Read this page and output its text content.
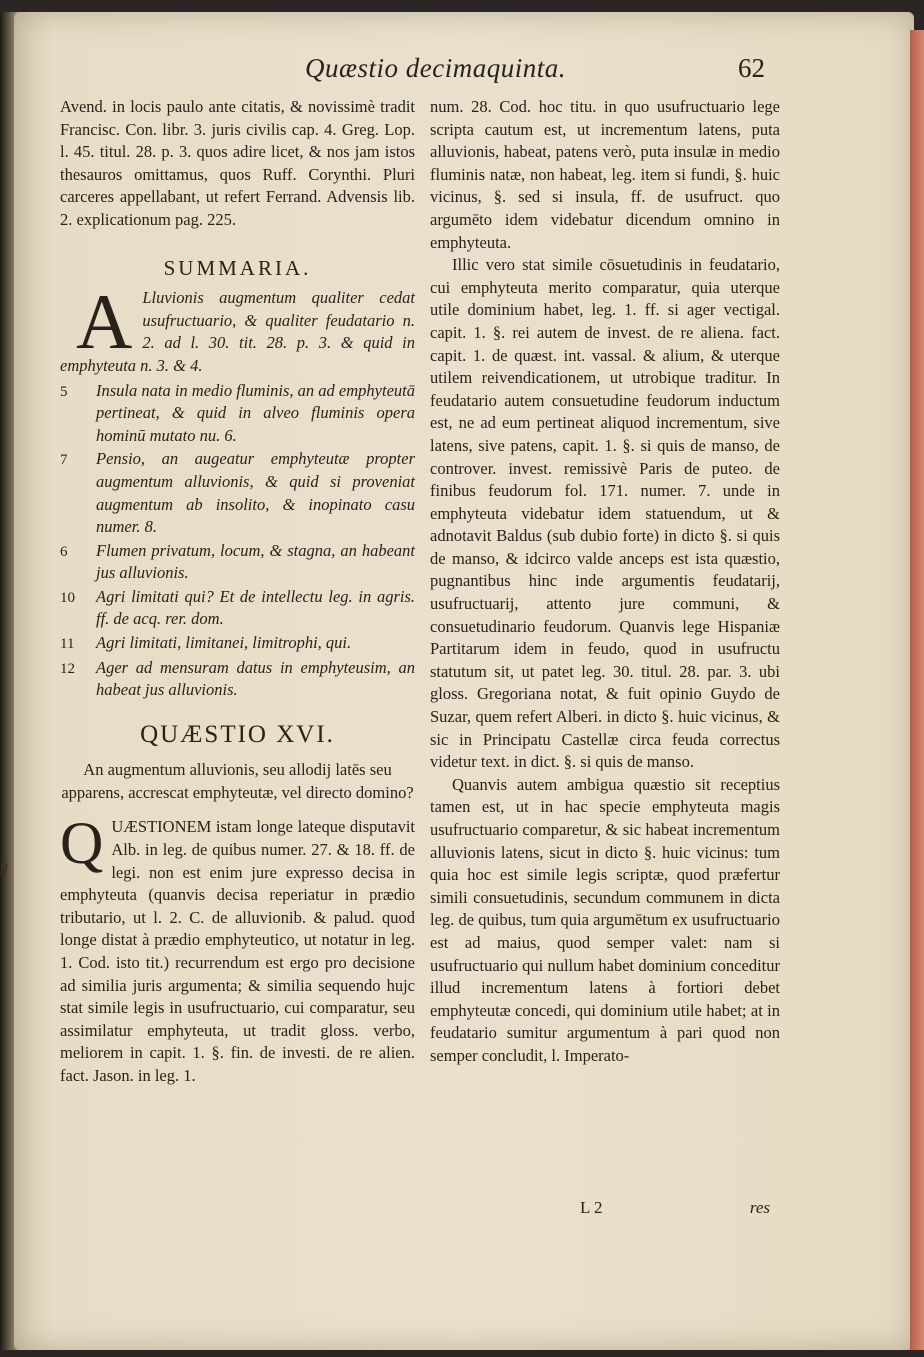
g
Quæstio decimaquinta.	62

Avend. in locis paulo ante citatis, & novissimè tradit Francisc. Con. libr. 3. juris civilis cap. 4. Greg. Lop. l. 45. titul. 28. p. 3. quos adire licet, & nos jam istos thesauros omittamus, quos Ruff. Corynthi. Pluri carceres appellabant, ut refert Ferrand. Advensis lib. 2. explicationum pag. 225.

SUMMARIA.
A Lluvionis augmentum qualiter cedat usufructuario, & qualiter feudatario n. 2. ad l. 30. tit. 28. p. 3. & quid in emphyteuta n. 3. & 4.
5	Insula nata in medio fluminis, an ad emphyteutā pertineat, & quid in alveo fluminis opera hominū mutato nu. 6.
7	Pensio, an augeatur emphyteutæ propter augmentum alluvionis, & quid si proveniat augmentum ab insolito, & inopinato casu numer. 8.
6	Flumen privatum, locum, & stagna, an habeant jus alluvionis.
10	Agri limitati qui? Et de intellectu leg. in agris. ff. de acq. rer. dom.
11	Agri limitati, limitanei, limitrophi, qui.
12	Ager ad mensuram datus in emphyteusim, an habeat jus alluvionis.
QUÆSTIO XVI.

An augmentum alluvionis, seu allodij latēs seu apparens, accrescat emphyteutæ, vel directo domino?

Q UÆSTIONEM istam longe lateque disputavit Alb. in leg. de quibus numer. 27. & 18. ff. de legi. non est enim jure expresso decisa in emphyteuta (quanvis decisa reperiatur in prædio tributario, ut l. 2. C. de alluvionib. & palud. quod longe distat à prædio emphyteutico, ut notatur in leg. 1. Cod. isto tit.) recurrendum est ergo pro decisione ad similia juris argumenta; & similia sequendo hujc stat simile legis in usufructuario, cui comparatur, seu assimilatur emphyteuta, ut tradit gloss. verbo, meliorem in capit. 1. §. fin. de investi. de re alien. fact. Jason. in leg. 1.

num. 28. Cod. hoc titu. in quo usufructuario lege scripta cautum est, ut incrementum latens, puta alluvionis, habeat, patens verò, puta insulæ in medio fluminis natæ, non habeat, leg. item si fundi, §. huic vicinus, §. sed si insula, ff. de usufruct. quo argumēto idem videbatur dicendum omnino in emphyteuta.

Illic vero stat simile cōsuetudinis in feudatario, cui emphyteuta merito comparatur, quia uterque utile dominium habet, leg. 1. ff. si ager vectigal. capit. 1. §. rei autem de invest. de re aliena. fact. capit. 1. de quæst. int. vassal. & alium, & uterque utilem reivendicationem, ut utrobique traditur. In feudatario autem consuetudine feudorum inductum est, ne ad eum pertineat aliquod incrementum, sive latens, sive patens, capit. 1. §. si quis de manso, de controver. invest. remissivè Paris de puteo. de finibus feudorum fol. 171. numer. 7. unde in emphyteuta videbatur idem statuendum, ut & adnotavit Baldus (sub dubio forte) in dicto §. si quis de manso, & idcirco valde anceps est ista quæstio, pugnantibus hinc inde argumentis feudatarij, usufructuarij, attento jure communi, & consuetudinario feudorum. Quanvis lege Hispaniæ Partitarum idem in feudo, quod in usufructu statutum sit, ut patet leg. 30. titul. 28. par. 3. ubi gloss. Gregoriana notat, & fuit opinio Guydo de Suzar, quem refert Alberi. in dicto §. huic vicinus, & sic in Principatu Castellæ circa feuda correctus videtur text. in dict. §. si quis de manso.

Quanvis autem ambigua quæstio sit receptius tamen est, ut in hac specie emphyteuta magis usufructuario comparetur, & sic habeat incrementum alluvionis latens, sicut in dicto §. huic vicinus: tum quia hoc est simile legis scriptæ, quod præfertur simili consuetudinis, secundum communem in dicta leg. de quibus, tum quia argumētum ex usufructuario est ad maius, quod semper valet: nam si usufructuario qui nullum habet dominium conceditur illud incrementum latens à fortiori debet emphyteutæ concedi, qui dominium utile habet; at in feudatario sumitur argumentum à pari quod non semper concludit, l. Imperato-

L 2	res
